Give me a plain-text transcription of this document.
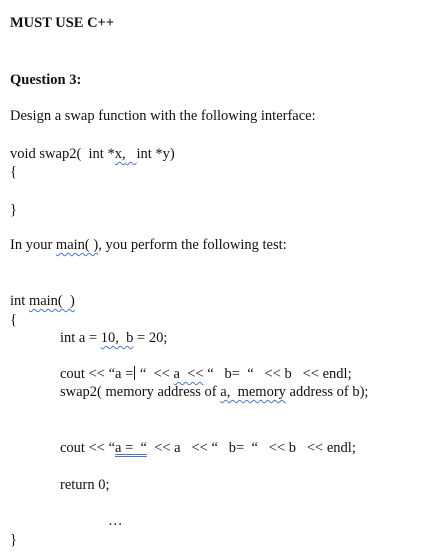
MUST USE C++
Question 3:
Design a swap function with the following interface:
void swap2(  int *x, int *y)
{
}
In your main( ), you perform the following test:
int main(  )
{
int a = 10,  b = 20;
cout << “a = “  << a  << “   b=  “   << b   << endl;
swap2( memory address of a,  memory address of b);
cout << “a =  “  << a   << “   b=  “   << b   << endl;
return 0;
…
}
